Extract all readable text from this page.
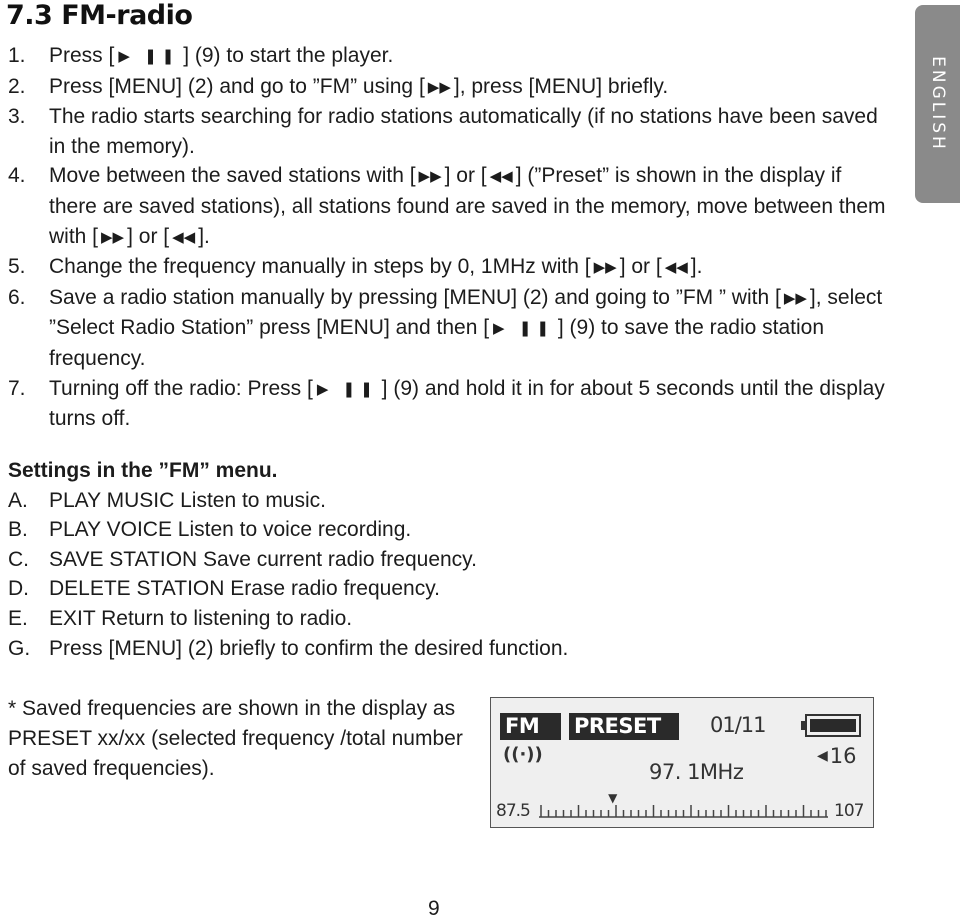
7.3 FM-radio
ENGLISH
1.	Press [ ▶ ❚❚ ] (9) to start the player.
2.	Press [MENU] (2) and go to ”FM” using [ ▶▶ ], press [MENU] briefly.
3.	The radio starts searching for radio stations automatically (if no stations have been saved in the memory).
4.	Move between the saved stations with [ ▶▶ ] or [ ◀◀ ] (”Preset” is shown in the display if there are saved stations), all stations found are saved in the memory, move between them with [ ▶▶ ] or [ ◀◀ ].
5.	Change the frequency manually in steps by 0, 1MHz with [ ▶▶ ] or [ ◀◀ ].
6.	Save a radio station manually by pressing [MENU] (2) and going to ”FM ” with [ ▶▶ ], select ”Select Radio Station” press [MENU] and then [ ▶ ❚❚ ] (9) to save the radio station frequency.
7.	Turning off the radio: Press [ ▶ ❚❚ ] (9) and hold it in for about 5 seconds until the display turns off.
Settings in the ”FM” menu.
A.	PLAY MUSIC Listen to music.
B.	PLAY VOICE Listen to voice recording.
C. SAVE STATION Save current radio frequency.
D. DELETE STATION Erase radio frequency.
E.	EXIT Return to listening to radio.
G. Press [MENU] (2) briefly to confirm the desired function.
* Saved frequencies are shown in the display as PRESET xx/xx (selected frequency /total number of saved frequencies).
FM	PRESET	01/11
((·))	◀16
97. 1MHz
▼
87.5	107
9
